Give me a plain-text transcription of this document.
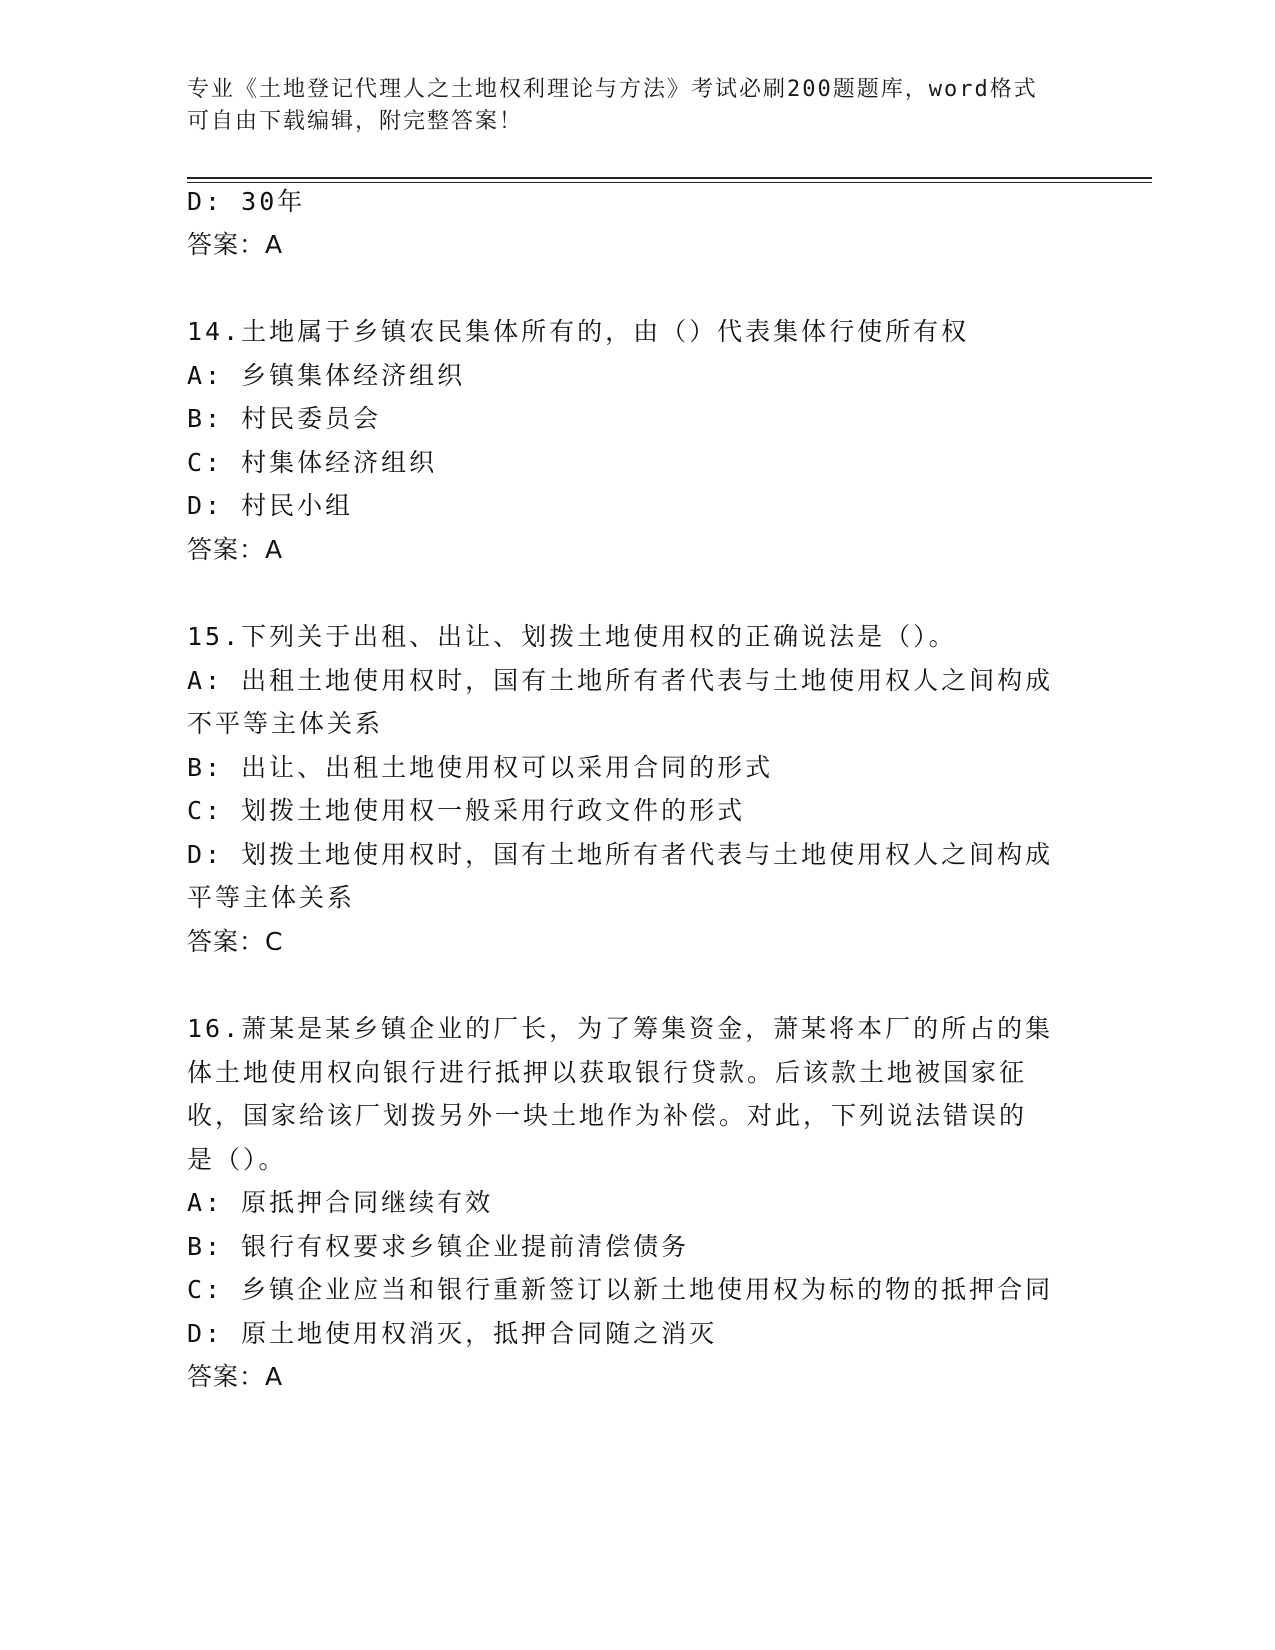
专业《土地登记代理人之土地权利理论与方法》考试必刷200题题库，word格式
可自由下载编辑，附完整答案！
D: 30年
答案：A
14.土地属于乡镇农民集体所有的，由（）代表集体行使所有权
A: 乡镇集体经济组织
B: 村民委员会
C: 村集体经济组织
D: 村民小组
答案：A
15.下列关于出租、出让、划拨土地使用权的正确说法是（）。
A: 出租土地使用权时，国有土地所有者代表与土地使用权人之间构成
不平等主体关系
B: 出让、出租土地使用权可以采用合同的形式
C: 划拨土地使用权一般采用行政文件的形式
D: 划拨土地使用权时，国有土地所有者代表与土地使用权人之间构成
平等主体关系
答案：C
16.萧某是某乡镇企业的厂长，为了筹集资金，萧某将本厂的所占的集
体土地使用权向银行进行抵押以获取银行贷款。后该款土地被国家征
收，国家给该厂划拨另外一块土地作为补偿。对此，下列说法错误的
是（）。
A: 原抵押合同继续有效
B: 银行有权要求乡镇企业提前清偿债务
C: 乡镇企业应当和银行重新签订以新土地使用权为标的物的抵押合同
D: 原土地使用权消灭，抵押合同随之消灭
答案：A
